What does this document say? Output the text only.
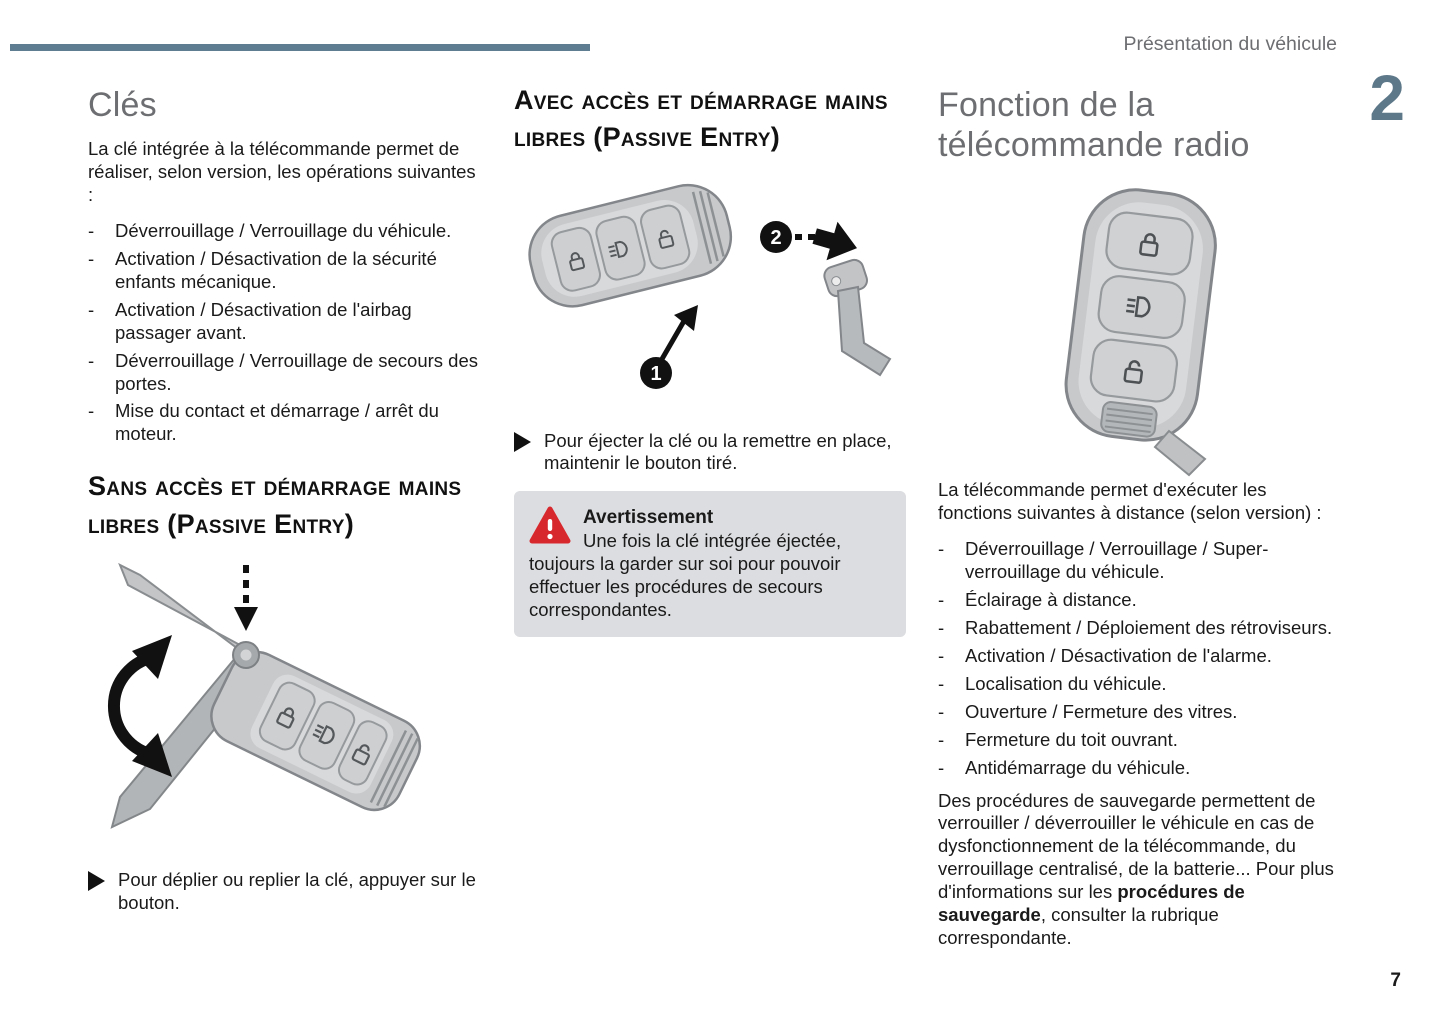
Présentation du véhicule
2
Clés

La clé intégrée à la télécommande permet de réaliser, selon version, les opérations suivantes :

-	Déverrouillage / Verrouillage du véhicule.
-	Activation / Désactivation de la sécurité enfants mécanique.
-	Activation / Désactivation de l'airbag passager avant.
-	Déverrouillage / Verrouillage de secours des portes.
-	Mise du contact et démarrage / arrêt du moteur.
Sans accès et démarrage mains libres (Passive Entry)
Pour déplier ou replier la clé, appuyer sur le bouton.
Avec accès et démarrage mains libres (Passive Entry)
1
2
Pour éjecter la clé ou la remettre en place, maintenir le bouton tiré.
Avertissement
Une fois la clé intégrée éjectée, toujours la garder sur soi pour pouvoir effectuer les procédures de secours correspondantes.
Fonction de la télécommande radio

La télécommande permet d'exécuter les fonctions suivantes à distance (selon version) :

-	Déverrouillage / Verrouillage / Super-verrouillage du véhicule.
-	Éclairage à distance.
-	Rabattement / Déploiement des rétroviseurs.
-	Activation / Désactivation de l'alarme.
-	Localisation du véhicule.
-	Ouverture / Fermeture des vitres.
-	Fermeture du toit ouvrant.
-	Antidémarrage du véhicule.

Des procédures de sauvegarde permettent de verrouiller / déverrouiller le véhicule en cas de dysfonctionnement de la télécommande, du verrouillage centralisé, de la batterie... Pour plus d'informations sur les procédures de sauvegarde, consulter la rubrique correspondante.

7
